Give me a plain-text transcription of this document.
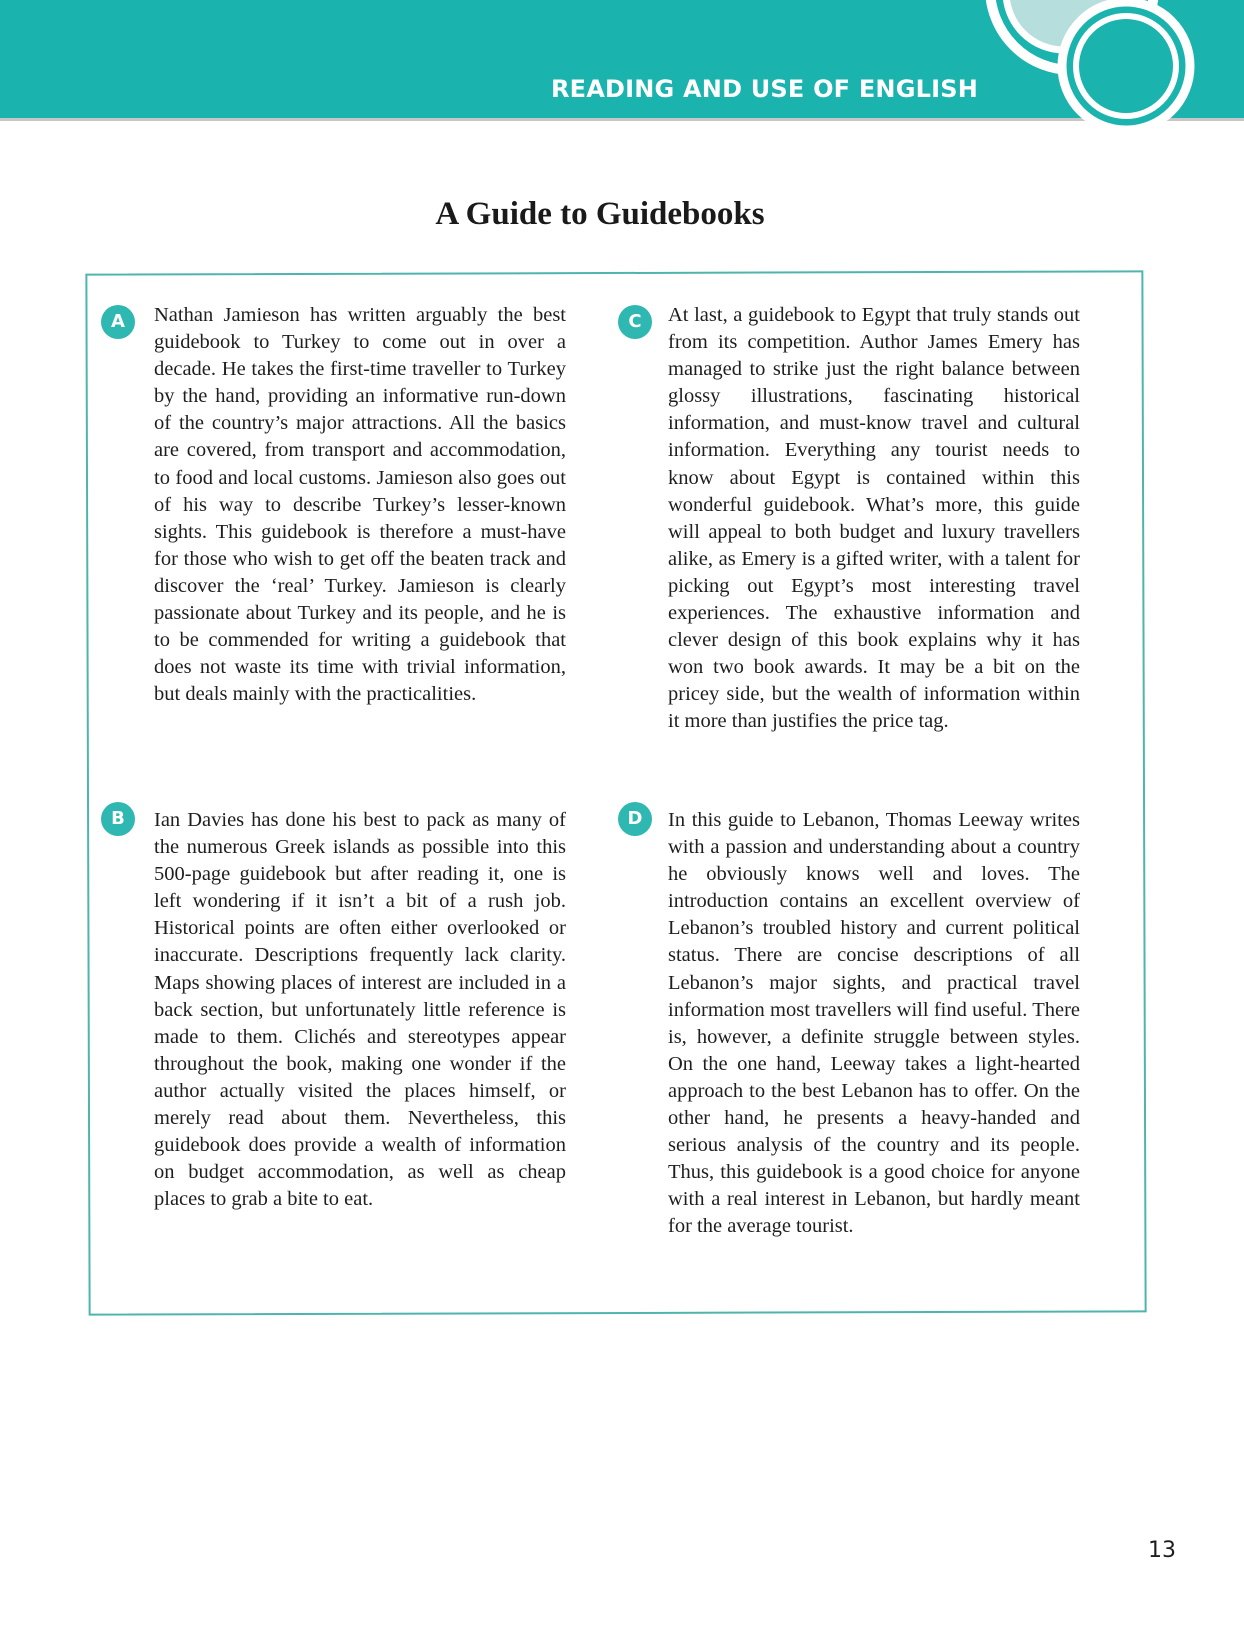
READING AND USE OF ENGLISH
A Guide to Guidebooks
A	Nathan Jamieson has written arguably the best guidebook to Turkey to come out in over a decade. He takes the first-time traveller to Turkey by the hand, providing an informative run-down of the country’s major attractions. All the basics are covered, from transport and accommodation, to food and local customs. Jamieson also goes out of his way to describe Turkey’s lesser-known sights. This guidebook is therefore a must-have for those who wish to get off the beaten track and discover the ‘real’ Turkey. Jamieson is clearly passionate about Turkey and its people, and he is to be commended for writing a guidebook that does not waste its time with trivial information, but deals mainly with the practicalities.

C	At last, a guidebook to Egypt that truly stands out from its competition. Author James Emery has managed to strike just the right balance between glossy illustrations, fascinating historical information, and must-know travel and cultural information. Everything any tourist needs to know about Egypt is contained within this wonderful guidebook. What’s more, this guide will appeal to both budget and luxury travellers alike, as Emery is a gifted writer, with a talent for picking out Egypt’s most interesting travel experiences. The exhaustive information and clever design of this book explains why it has won two book awards. It may be a bit on the pricey side, but the wealth of information within it more than justifies the price tag.

B	Ian Davies has done his best to pack as many of the numerous Greek islands as possible into this 500-page guidebook but after reading it, one is left wondering if it isn’t a bit of a rush job. Historical points are often either overlooked or inaccurate. Descriptions frequently lack clarity. Maps showing places of interest are included in a back section, but unfortunately little reference is made to them. Clichés and stereotypes appear throughout the book, making one wonder if the author actually visited the places himself, or merely read about them. Nevertheless, this guidebook does provide a wealth of information on budget accommodation, as well as cheap places to grab a bite to eat.

D	In this guide to Lebanon, Thomas Leeway writes with a passion and understanding about a country he obviously knows well and loves. The introduction contains an excellent overview of Lebanon’s troubled history and current political status. There are concise descriptions of all Lebanon’s major sights, and practical travel information most travellers will find useful. There is, however, a definite struggle between styles. On the one hand, Leeway takes a light-hearted approach to the best Lebanon has to offer. On the other hand, he presents a heavy-handed and serious analysis of the country and its people. Thus, this guidebook is a good choice for anyone with a real interest in Lebanon, but hardly meant for the average tourist.

13
